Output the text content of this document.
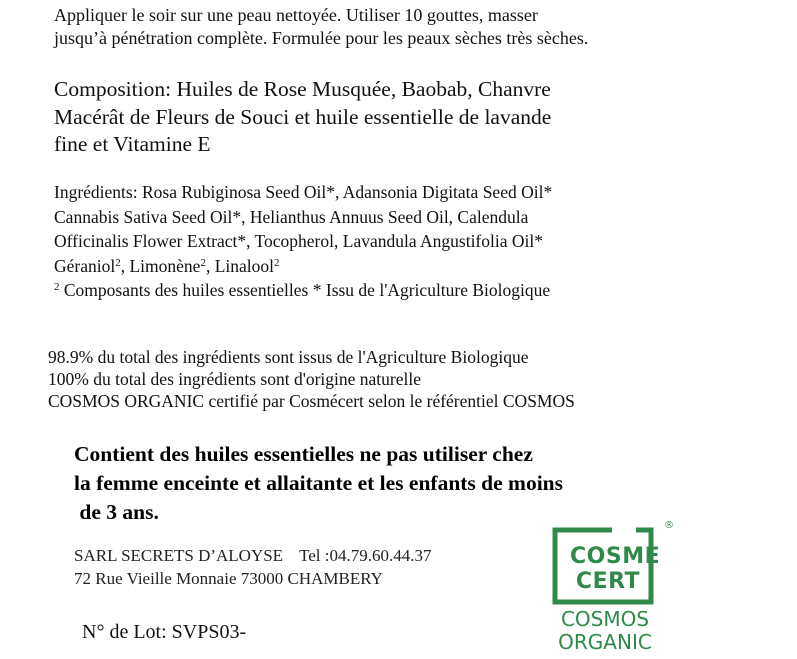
Appliquer le soir sur une peau nettoyée. Utiliser 10 gouttes, masser
jusqu’à pénétration complète. Formulée pour les peaux sèches très sèches.
Composition: Huiles de Rose Musquée, Baobab, Chanvre
Macérât de Fleurs de Souci et huile essentielle de lavande
fine et Vitamine E
Ingrédients: Rosa Rubiginosa Seed Oil*, Adansonia Digitata Seed Oil*
Cannabis Sativa Seed Oil*, Helianthus Annuus Seed Oil, Calendula
Officinalis Flower Extract*, Tocopherol, Lavandula Angustifolia Oil*
Géraniol$^2$, Limonène$^2$, Linalool$^2$
$^2$ Composants des huiles essentielles * Issu de l'Agriculture Biologique
98.9% du total des ingrédients sont issus de l'Agriculture Biologique
100% du total des ingrédients sont d'origine naturelle
COSMOS ORGANIC certifié par Cosmécert selon le référentiel COSMOS
Contient des huiles essentielles ne pas utiliser chez
la femme enceinte et allaitante et les enfants de moins
de 3 ans.
SARL SECRETS D’ALOYSE Tel :04.79.60.44.37
72 Rue Vieille Monnaie 73000 CHAMBERY
N° de Lot: SVPS03-
COSME
CERT
®
COSMOS
ORGANIC
